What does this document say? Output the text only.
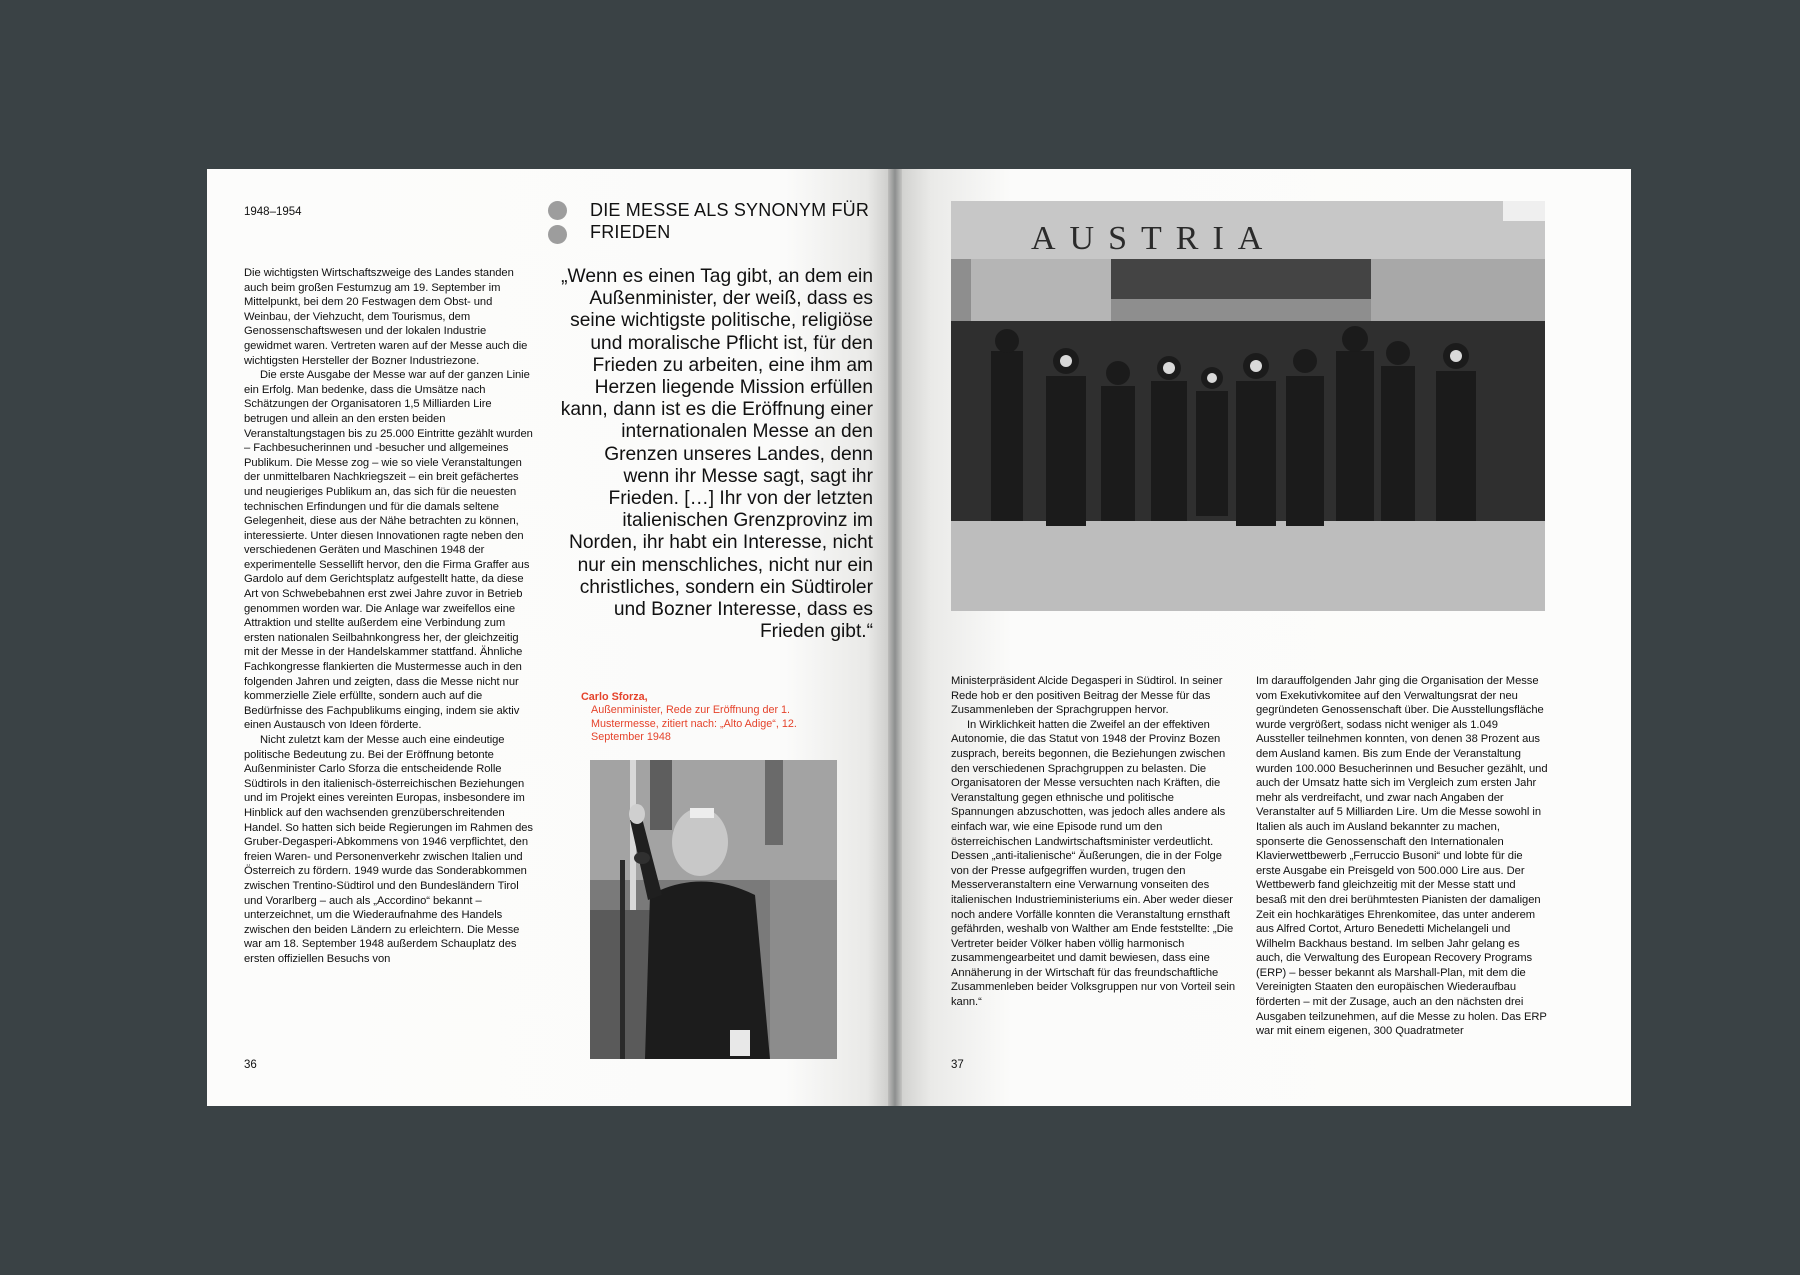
1948–1954

Die wichtigsten Wirtschaftszweige des Landes standen auch beim großen Festumzug am 19. September im Mittelpunkt, bei dem 20 Festwagen dem Obst- und Weinbau, der Viehzucht, dem Tourismus, dem Genossenschaftswesen und der lokalen Industrie gewidmet waren. Vertreten waren auf der Messe auch die wichtigsten Hersteller der Bozner Industriezone.

Die erste Ausgabe der Messe war auf der ganzen Linie ein Erfolg. Man bedenke, dass die Umsätze nach Schätzungen der Organisatoren 1,5 Milliarden Lire betrugen und allein an den ersten beiden Veranstaltungstagen bis zu 25.000 Eintritte gezählt wurden – Fachbesucherinnen und -besucher und allgemeines Publikum. Die Messe zog – wie so viele Veranstaltungen der unmittelbaren Nachkriegszeit – ein breit gefächertes und neugieriges Publikum an, das sich für die neuesten technischen Erfindungen und für die damals seltene Gelegenheit, diese aus der Nähe betrachten zu können, interessierte. Unter diesen Innovationen ragte neben den verschiedenen Geräten und Maschinen 1948 der experimentelle Sessellift hervor, den die Firma Graffer aus Gardolo auf dem Gerichtsplatz aufgestellt hatte, da diese Art von Schwebebahnen erst zwei Jahre zuvor in Betrieb genommen worden war. Die Anlage war zweifellos eine Attraktion und stellte außerdem eine Verbindung zum ersten nationalen Seilbahnkongress her, der gleichzeitig mit der Messe in der Handelskammer stattfand. Ähnliche Fachkongresse flankierten die Mustermesse auch in den folgenden Jahren und zeigten, dass die Messe nicht nur kommerzielle Ziele erfüllte, sondern auch auf die Bedürfnisse des Fachpublikums einging, indem sie aktiv einen Austausch von Ideen förderte.

Nicht zuletzt kam der Messe auch eine eindeutige politische Bedeutung zu. Bei der Eröffnung betonte Außenminister Carlo Sforza die entscheidende Rolle Südtirols in den italienisch-österreichischen Beziehungen und im Projekt eines vereinten Europas, insbesondere im Hinblick auf den wachsenden grenzüberschreitenden Handel. So hatten sich beide Regierungen im Rahmen des Gruber-Degasperi-Abkommens von 1946 verpflichtet, den freien Waren- und Personenverkehr zwischen Italien und Österreich zu fördern. 1949 wurde das Sonderabkommen zwischen Trentino-Südtirol und den Bundesländern Tirol und Vorarlberg – auch als „Accordino“ bekannt – unterzeichnet, um die Wiederaufnahme des Handels zwischen den beiden Ländern zu erleichtern. Die Messe war am 18. September 1948 außerdem Schauplatz des ersten offiziellen Besuchs von

DIE MESSE ALS SYNONYM FÜR FRIEDEN

„Wenn es einen Tag gibt, an dem ein Außenminister, der weiß, dass es seine wichtigste politische, religiöse und moralische Pflicht ist, für den Frieden zu arbeiten, eine ihm am Herzen liegende Mission erfüllen kann, dann ist es die Eröffnung einer internationalen Messe an den Grenzen unseres Landes, denn wenn ihr Messe sagt, sagt ihr Frieden. […] Ihr von der letzten italienischen Grenzprovinz im Norden, ihr habt ein Interesse, nicht nur ein menschliches, nicht nur ein christliches, sondern ein Südtiroler und Bozner Interesse, dass es Frieden gibt.“

Carlo Sforza,
Außenminister, Rede zur Eröffnung der 1. Mustermesse, zitiert nach: „Alto Adige“, 12. September 1948
36
AUSTRIA

Ministerpräsident Alcide Degasperi in Südtirol. In seiner Rede hob er den positiven Beitrag der Messe für das Zusammenleben der Sprachgruppen hervor.

In Wirklichkeit hatten die Zweifel an der effektiven Autonomie, die das Statut von 1948 der Provinz Bozen zusprach, bereits begonnen, die Beziehungen zwischen den verschiedenen Sprachgruppen zu belasten. Die Organisatoren der Messe versuchten nach Kräften, die Veranstaltung gegen ethnische und politische Spannungen abzuschotten, was jedoch alles andere als einfach war, wie eine Episode rund um den österreichischen Landwirtschaftsminister verdeutlicht. Dessen „anti-italienische“ Äußerungen, die in der Folge von der Presse aufgegriffen wurden, trugen den Messerveranstaltern eine Verwarnung vonseiten des italienischen Industrieministeriums ein. Aber weder dieser noch andere Vorfälle konnten die Veranstaltung ernsthaft gefährden, weshalb von Walther am Ende feststellte: „Die Vertreter beider Völker haben völlig harmonisch zusammengearbeitet und damit bewiesen, dass eine Annäherung in der Wirtschaft für das freundschaftliche Zusammenleben beider Volksgruppen nur von Vorteil sein kann.“

Im darauffolgenden Jahr ging die Organisation der Messe vom Exekutivkomitee auf den Verwaltungsrat der neu gegründeten Genossenschaft über. Die Ausstellungsfläche wurde vergrößert, sodass nicht weniger als 1.049 Aussteller teilnehmen konnten, von denen 38 Prozent aus dem Ausland kamen. Bis zum Ende der Veranstaltung wurden 100.000 Besucherinnen und Besucher gezählt, und auch der Umsatz hatte sich im Vergleich zum ersten Jahr mehr als verdreifacht, und zwar nach Angaben der Veranstalter auf 5 Milliarden Lire. Um die Messe sowohl in Italien als auch im Ausland bekannter zu machen, sponserte die Genossenschaft den Internationalen Klavierwettbewerb „Ferruccio Busoni“ und lobte für die erste Ausgabe ein Preisgeld von 500.000 Lire aus. Der Wettbewerb fand gleichzeitig mit der Messe statt und besaß mit den drei berühmtesten Pianisten der damaligen Zeit ein hochkarätiges Ehrenkomitee, das unter anderem aus Alfred Cortot, Arturo Benedetti Michelangeli und Wilhelm Backhaus bestand. Im selben Jahr gelang es auch, die Verwaltung des European Recovery Programs (ERP) – besser bekannt als Marshall-Plan, mit dem die Vereinigten Staaten den europäischen Wiederaufbau förderten – mit der Zusage, auch an den nächsten drei Ausgaben teilzunehmen, auf die Messe zu holen. Das ERP war mit einem eigenen, 300 Quadratmeter

37
